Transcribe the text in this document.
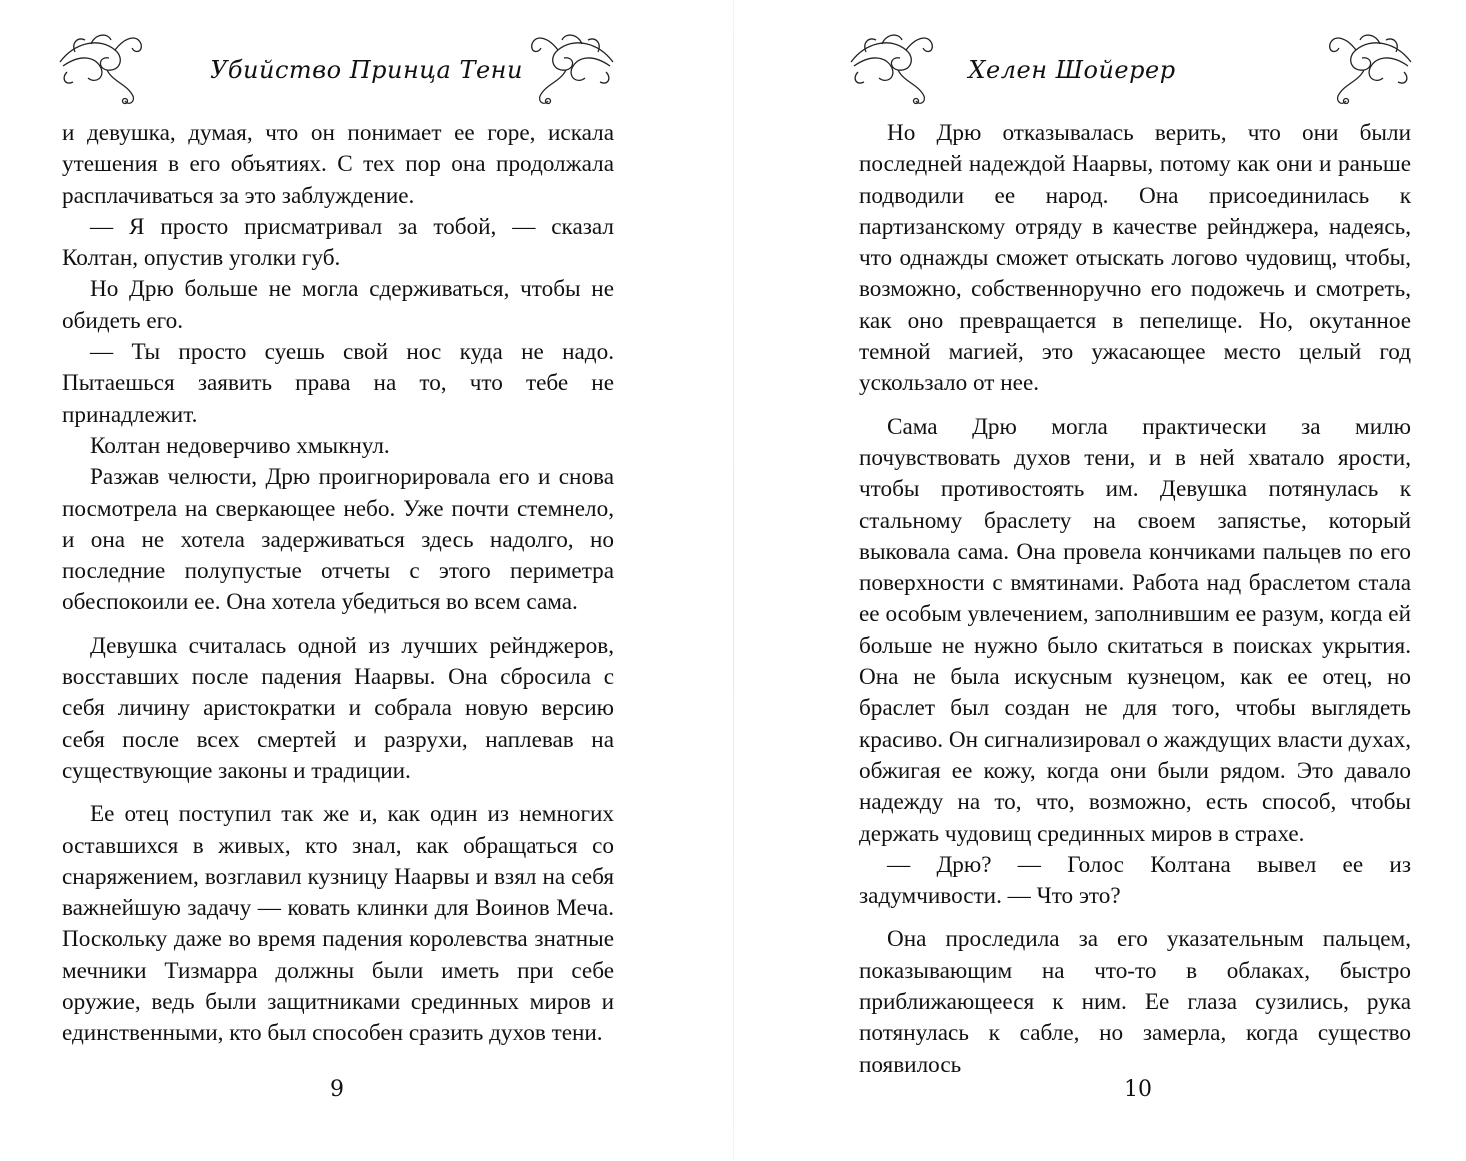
Убийство Принца Тени

и девушка, думая, что он понимает ее горе, искала утешения в его объятиях. С тех пор она продолжала расплачиваться за это заблуждение.

— Я просто присматривал за тобой, — сказал Колтан, опустив уголки губ.

Но Дрю больше не могла сдерживаться, чтобы не обидеть его.

— Ты просто суешь свой нос куда не надо. Пытаешься заявить права на то, что тебе не принадлежит.

Колтан недоверчиво хмыкнул.

Разжав челюсти, Дрю проигнорировала его и снова посмотрела на сверкающее небо. Уже почти стемнело, и она не хотела задерживаться здесь надолго, но последние полупустые отчеты с этого периметра обеспокоили ее. Она хотела убедиться во всем сама.

Девушка считалась одной из лучших рейнджеров, восставших после падения Наарвы. Она сбросила с себя личину аристократки и собрала новую версию себя после всех смертей и разрухи, наплевав на существующие законы и традиции.

Ее отец поступил так же и, как один из немногих оставшихся в живых, кто знал, как обращаться со снаряжением, возглавил кузницу Наарвы и взял на себя важнейшую задачу — ковать клинки для Воинов Меча. Поскольку даже во время падения королевства знатные мечники Тизмарра должны были иметь при себе оружие, ведь были защитниками срединных миров и единственными, кто был способен сразить духов тени.

9
Хелен Шойерер

Но Дрю отказывалась верить, что они были последней надеждой Наарвы, потому как они и раньше подводили ее народ. Она присоединилась к партизанскому отряду в качестве рейнджера, надеясь, что однажды сможет отыскать логово чудовищ, чтобы, возможно, собственноручно его подожечь и смотреть, как оно превращается в пепелище. Но, окутанное темной магией, это ужасающее место целый год ускользало от нее.

Сама Дрю могла практически за милю почувствовать духов тени, и в ней хватало ярости, чтобы противостоять им. Девушка потянулась к стальному браслету на своем запястье, который выковала сама. Она провела кончиками пальцев по его поверхности с вмятинами. Работа над браслетом стала ее особым увлечением, заполнившим ее разум, когда ей больше не нужно было скитаться в поисках укрытия. Она не была искусным кузнецом, как ее отец, но браслет был создан не для того, чтобы выглядеть красиво. Он сигнализировал о жаждущих власти духах, обжигая ее кожу, когда они были рядом. Это давало надежду на то, что, возможно, есть способ, чтобы держать чудовищ срединных миров в страхе.

— Дрю? — Голос Колтана вывел ее из задумчивости. — Что это?

Она проследила за его указательным пальцем, показывающим на что-то в облаках, быстро приближающееся к ним. Ее глаза сузились, рука потянулась к сабле, но замерла, когда существо появилось

10
